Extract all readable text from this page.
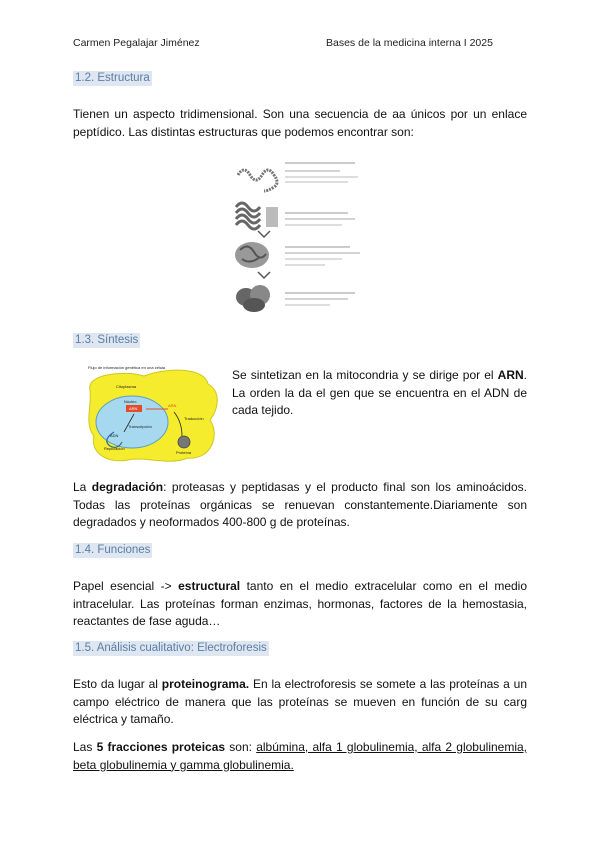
Carmen Pegalajar Jiménez	Bases de la medicina interna I 2025
1.2. Estructura

Tienen un aspecto tridimensional. Son una secuencia de aa únicos por un enlace peptídico. Las distintas estructuras que podemos encontrar son:

1.3. Síntesis
Flujo de información genética en una célula
Citoplasma
Núcleo
ARN
Transcripción
ADN
Replicación
ARN
Traducción
Proteína

Se sintetizan en la mitocondria y se dirige por el ARN. La orden la da el gen que se encuentra en el ADN de cada tejido.

La degradación: proteasas y peptidasas y el producto final son los aminoácidos. Todas las proteínas orgánicas se renuevan constantemente.Diariamente son degradados y neoformados 400-800 g de proteínas.

1.4. Funciones

Papel esencial -> estructural tanto en el medio extracelular como en el medio intracelular. Las proteínas forman enzimas, hormonas, factores de la hemostasia, reactantes de fase aguda…

1.5. Análisis cualitativo: Electroforesis

Esto da lugar al proteinograma. En la electroforesis se somete a las proteínas a un campo eléctrico de manera que las proteínas se mueven en función de su carg eléctrica y tamaño.

Las 5 fracciones proteicas son: albúmina, alfa 1 globulinemia, alfa 2 globulinemia, beta globulinemia y gamma globulinemia.
